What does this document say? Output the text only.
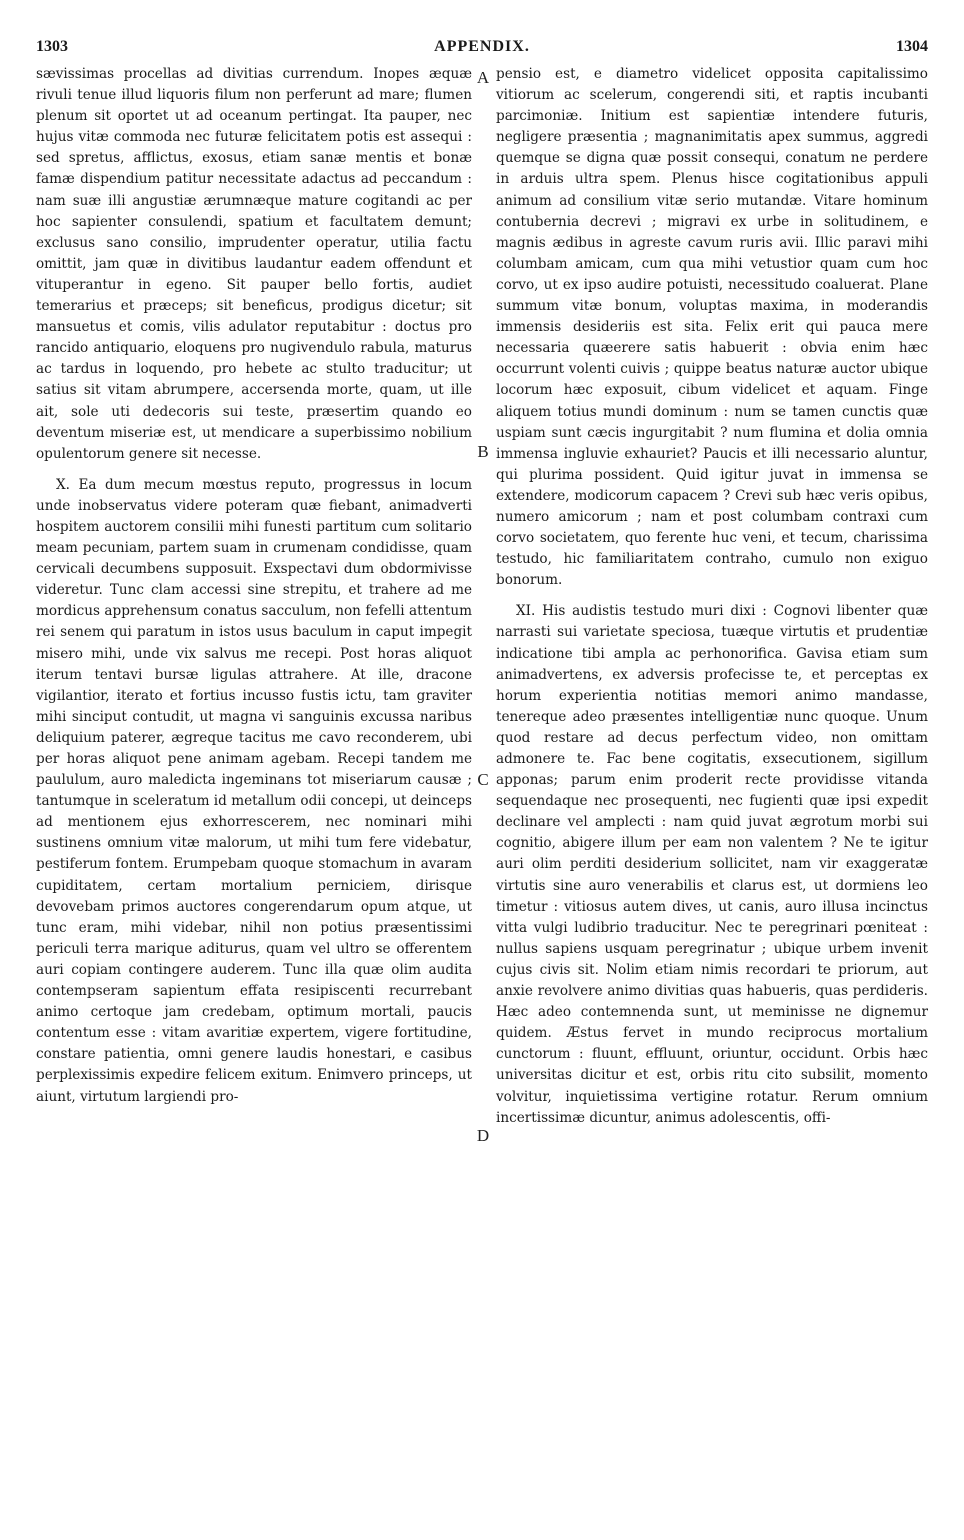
1303	APPENDIX.	1304

sævissimas procellas ad divitias currendum. Inopes æquæ rivuli tenue illud liquoris filum non perferunt ad mare; flumen plenum sit oportet ut ad oceanum pertingat. Ita pauper, nec hujus vitæ commoda nec futuræ felicitatem potis est assequi : sed spretus, afflictus, exosus, etiam sanæ mentis et bonæ famæ dispendium patitur necessitate adactus ad peccandum : nam suæ illi angustiæ ærumnæque mature cogitandi ac per hoc sapienter consulendi, spatium et facultatem demunt; exclusus sano consilio, imprudenter operatur, utilia factu omittit, jam quæ in divitibus laudantur eadem offendunt et vituperantur in egeno. Sit pauper bello fortis, audiet temerarius et præceps; sit beneficus, prodigus dicetur; sit mansuetus et comis, vilis adulator reputabitur : doctus pro rancido antiquario, eloquens pro nugivendulo rabula, maturus ac tardus in loquendo, pro hebete ac stulto traducitur; ut satius sit vitam abrumpere, accersenda morte, quam, ut ille ait, sole uti dedecoris sui teste, præsertim quando eo deventum miseriæ est, ut mendicare a superbissimo nobilium opulentorum genere sit necesse.

X. Ea dum mecum mœstus reputo, progressus in locum unde inobservatus videre poteram quæ fiebant, animadverti hospitem auctorem consilii mihi funesti partitum cum solitario meam pecuniam, partem suam in crumenam condidisse, quam cervicali decumbens supposuit. Exspectavi dum obdormivisse videretur. Tunc clam accessi sine strepitu, et trahere ad me mordicus apprehensum conatus sacculum, non fefelli attentum rei senem qui paratum in istos usus baculum in caput impegit misero mihi, unde vix salvus me recepi. Post horas aliquot iterum tentavi bursæ ligulas attrahere. At ille, dracone vigilantior, iterato et fortius incusso fustis ictu, tam graviter mihi sinciput contudit, ut magna vi sanguinis excussa naribus deliquium paterer, ægreque tacitus me cavo reconderem, ubi per horas aliquot pene animam agebam. Recepi tandem me paululum, auro maledicta ingeminans tot miseriarum causæ ; tantumque in sceleratum id metallum odii concepi, ut deinceps ad mentionem ejus exhorrescerem, nec nominari mihi sustinens omnium vitæ malorum, ut mihi tum fere videbatur, pestiferum fontem. Erumpebam quoque stomachum in avaram cupiditatem, certam mortalium perniciem, dirisque devovebam primos auctores congerendarum opum atque, ut tunc eram, mihi videbar, nihil non potius præsentissimi periculi terra marique aditurus, quam vel ultro se offerentem auri copiam contingere auderem. Tunc illa quæ olim audita contempseram sapientum effata resipiscenti recurrebant animo certoque jam credebam, optimum mortali, paucis contentum esse : vitam avaritiæ expertem, vigere fortitudine, constare patientia, omni genere laudis honestari, e casibus perplexissimis expedire felicem exitum. Enimvero princeps, ut aiunt, virtutum largiendi pro-

A
B
C
D

pensio est, e diametro videlicet opposita capitalissimo vitiorum ac scelerum, congerendi siti, et raptis incubanti parcimoniæ. Initium est sapientiæ intendere futuris, negligere præsentia ; magnanimitatis apex summus, aggredi quemque se digna quæ possit consequi, conatum ne perdere in arduis ultra spem. Plenus hisce cogitationibus appuli animum ad consilium vitæ serio mutandæ. Vitare hominum contubernia decrevi ; migravi ex urbe in solitudinem, e magnis ædibus in agreste cavum ruris avii. Illic paravi mihi columbam amicam, cum qua mihi vetustior quam cum hoc corvo, ut ex ipso audire potuisti, necessitudo coaluerat. Plane summum vitæ bonum, voluptas maxima, in moderandis immensis desideriis est sita. Felix erit qui pauca mere necessaria quæerere satis habuerit : obvia enim hæc occurrunt volenti cuivis ; quippe beatus naturæ auctor ubique locorum hæc exposuit, cibum videlicet et aquam. Finge aliquem totius mundi dominum : num se tamen cunctis quæ uspiam sunt cæcis ingurgitabit ? num flumina et dolia omnia immensa ingluvie exhauriet? Paucis et illi necessario aluntur, qui plurima possident. Quid igitur juvat in immensa se extendere, modicorum capacem ? Crevi sub hæc veris opibus, numero amicorum ; nam et post columbam contraxi cum corvo societatem, quo ferente huc veni, et tecum, charissima testudo, hic familiaritatem contraho, cumulo non exiguo bonorum.

XI. His audistis testudo muri dixi : Cognovi libenter quæ narrasti sui varietate speciosa, tuæque virtutis et prudentiæ indicatione tibi ampla ac perhonorifica. Gavisa etiam sum animadvertens, ex adversis profecisse te, et perceptas ex horum experientia notitias memori animo mandasse, tenereque adeo præsentes intelligentiæ nunc quoque. Unum quod restare ad decus perfectum video, non omittam admonere te. Fac bene cogitatis, exsecutionem, sigillum apponas; parum enim proderit recte providisse vitanda sequendaque nec prosequenti, nec fugienti quæ ipsi expedit declinare vel amplecti : nam quid juvat ægrotum morbi sui cognitio, abigere illum per eam non valentem ? Ne te igitur auri olim perditi desiderium sollicitet, nam vir exaggeratæ virtutis sine auro venerabilis et clarus est, ut dormiens leo timetur : vitiosus autem dives, ut canis, auro illusa incinctus vitta vulgi ludibrio traducitur. Nec te peregrinari pœniteat : nullus sapiens usquam peregrinatur ; ubique urbem invenit cujus civis sit. Nolim etiam nimis recordari te priorum, aut anxie revolvere animo divitias quas habueris, quas perdideris. Hæc adeo contemnenda sunt, ut meminisse ne dignemur quidem. Æstus fervet in mundo reciprocus mortalium cunctorum : fluunt, effluunt, oriuntur, occidunt. Orbis hæc universitas dicitur et est, orbis ritu cito subsilit, momento volvitur, inquietissima vertigine rotatur. Rerum omnium incertissimæ dicuntur, animus adolescentis, offi-
